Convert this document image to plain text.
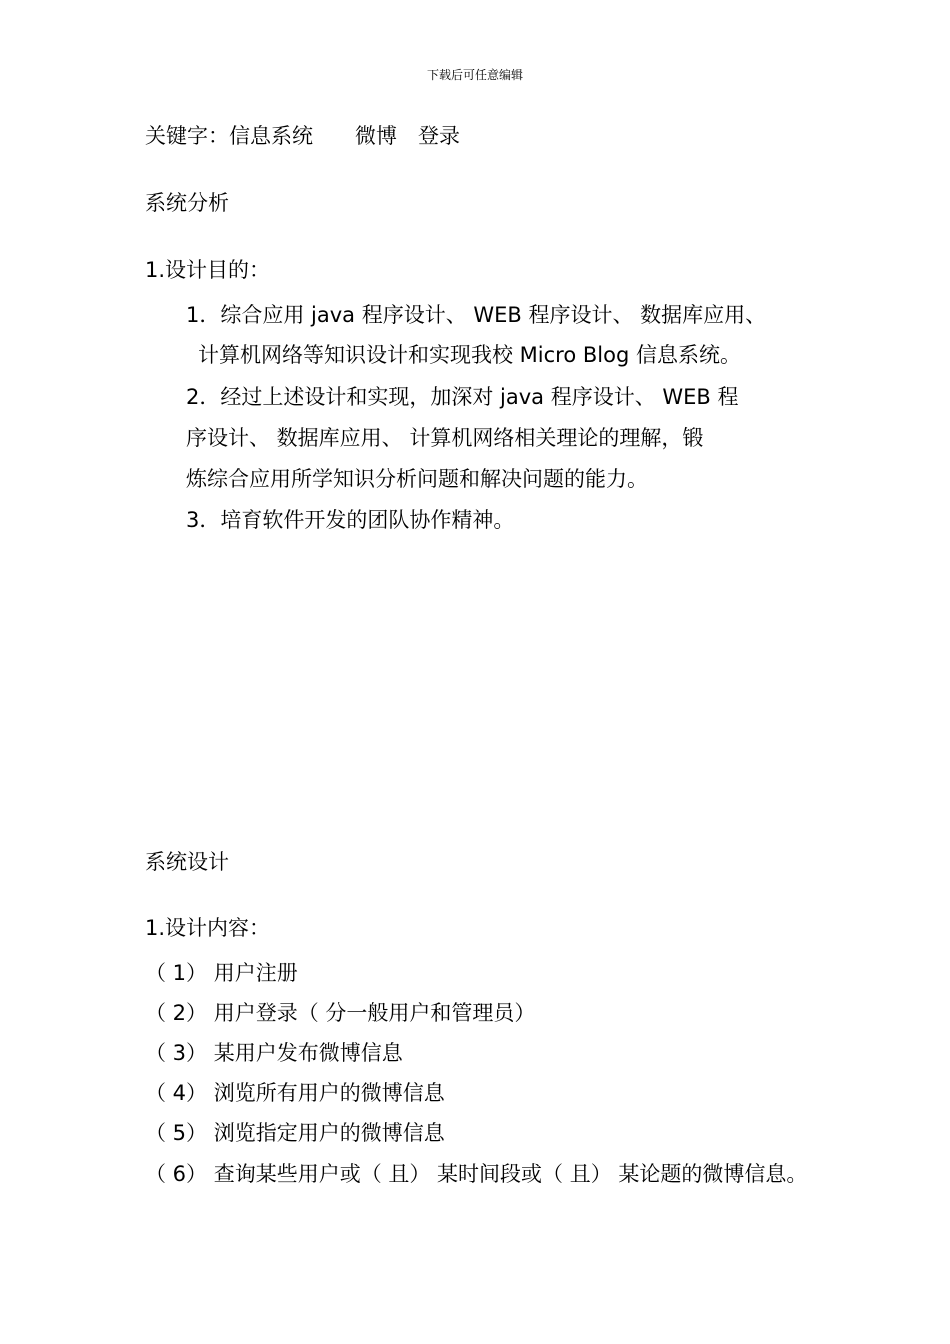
下载后可任意编辑
关键字：信息系统　　微博　登录
系统分析
1.设计目的：
1．综合应用 java 程序设计、 WEB 程序设计、 数据库应用、
计算机网络等知识设计和实现我校 Micro Blog 信息系统。
2．经过上述设计和实现，加深对 java 程序设计、 WEB 程
序设计、 数据库应用、 计算机网络相关理论的理解，锻
炼综合应用所学知识分析问题和解决问题的能力。
3．培育软件开发的团队协作精神。
系统设计
1.设计内容：
（ 1） 用户注册
（ 2） 用户登录（ 分一般用户和管理员）
（ 3） 某用户发布微博信息
（ 4） 浏览所有用户的微博信息
（ 5） 浏览指定用户的微博信息
（ 6） 查询某些用户或（ 且） 某时间段或（ 且） 某论题的微博信息。
